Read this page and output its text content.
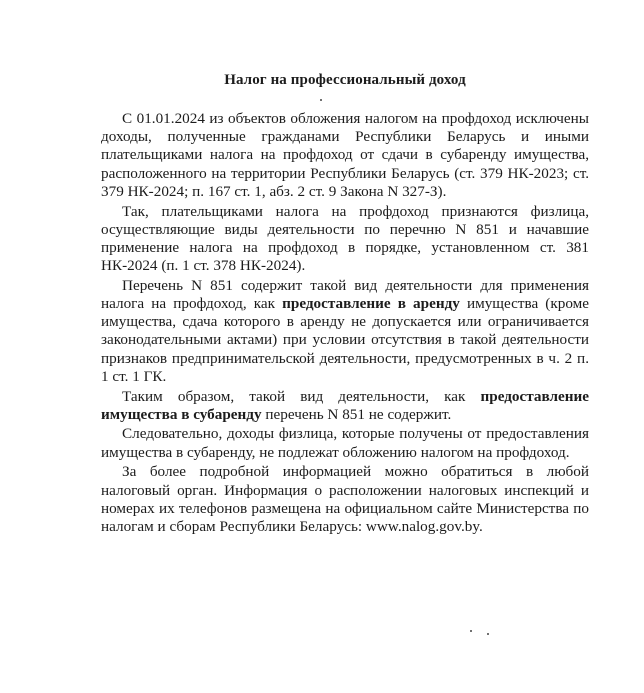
Налог на профессиональный доход

С 01.01.2024 из объектов обложения налогом на профдоход исключены доходы, полученные гражданами Республики Беларусь и иными плательщиками налога на профдоход от сдачи в субаренду имущества, расположенного на территории Республики Беларусь (ст. 379 НК-2023; ст. 379 НК-2024; п. 167 ст. 1, абз. 2 ст. 9 Закона N 327-З).

Так, плательщиками налога на профдоход признаются физлица, осуществляющие виды деятельности по перечню N 851 и начавшие применение налога на профдоход в порядке, установленном ст. 381 НК-2024 (п. 1 ст. 378 НК-2024).

Перечень N 851 содержит такой вид деятельности для применения налога на профдоход, как предоставление в аренду имущества (кроме имущества, сдача которого в аренду не допускается или ограничивается законодательными актами) при условии отсутствия в такой деятельности признаков предпринимательской деятельности, предусмотренных в ч. 2 п. 1 ст. 1 ГК.

Таким образом, такой вид деятельности, как предоставление имущества в субаренду перечень N 851 не содержит.

Следовательно, доходы физлица, которые получены от предоставления имущества в субаренду, не подлежат обложению налогом на профдоход.

За более подробной информацией можно обратиться в любой налоговый орган. Информация о расположении налоговых инспекций и номерах их телефонов размещена на официальном сайте Министерства по налогам и сборам Республики Беларусь: www.nalog.gov.by.
